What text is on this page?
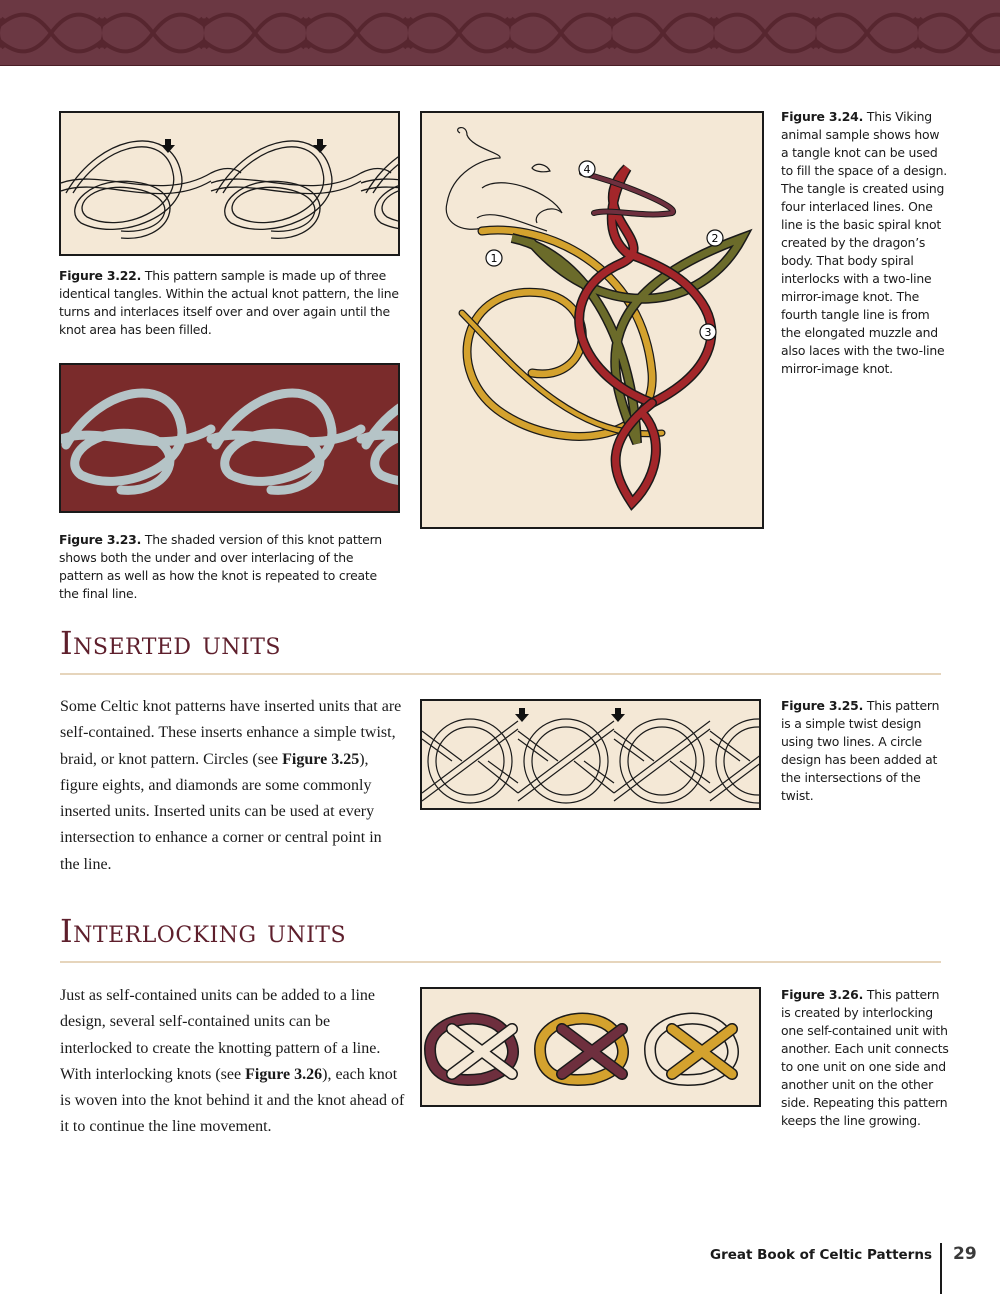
Figure 3.22. This pattern sample is made up of three identical tangles. Within the actual knot pattern, the line turns and interlaces itself over and over again until the knot area has been filled.
Figure 3.23. The shaded version of this knot pattern shows both the under and over interlacing of the pattern as well as how the knot is repeated to create the final line.
1
2
3
4
Figure 3.24. This Viking animal sample shows how a tangle knot can be used to fill the space of a design. The tangle is created using four interlaced lines. One line is the basic spiral knot created by the dragon’s body. That body spiral interlocks with a two-line mirror-image knot. The fourth tangle line is from the elongated muzzle and also laces with the two-line mirror-image knot.
Inserted units
Some Celtic knot patterns have inserted units that are self-contained. These inserts enhance a simple twist, braid, or knot pattern. Circles (see Figure 3.25), figure eights, and diamonds are some commonly inserted units. Inserted units can be used at every intersection to enhance a corner or central point in the line.
Figure 3.25. This pattern is a simple twist design using two lines. A circle design has been added at the intersections of the twist.
Interlocking units
Just as self-contained units can be added to a line design, several self-contained units can be interlocked to create the knotting pattern of a line. With interlocking knots (see Figure 3.26), each knot is woven into the knot behind it and the knot ahead of it to continue the line movement.
Figure 3.26. This pattern is created by interlocking one self-contained unit with another. Each unit connects to one unit on one side and another unit on the other side. Repeating this pattern keeps the line growing.
Great Book of Celtic Patterns 29
